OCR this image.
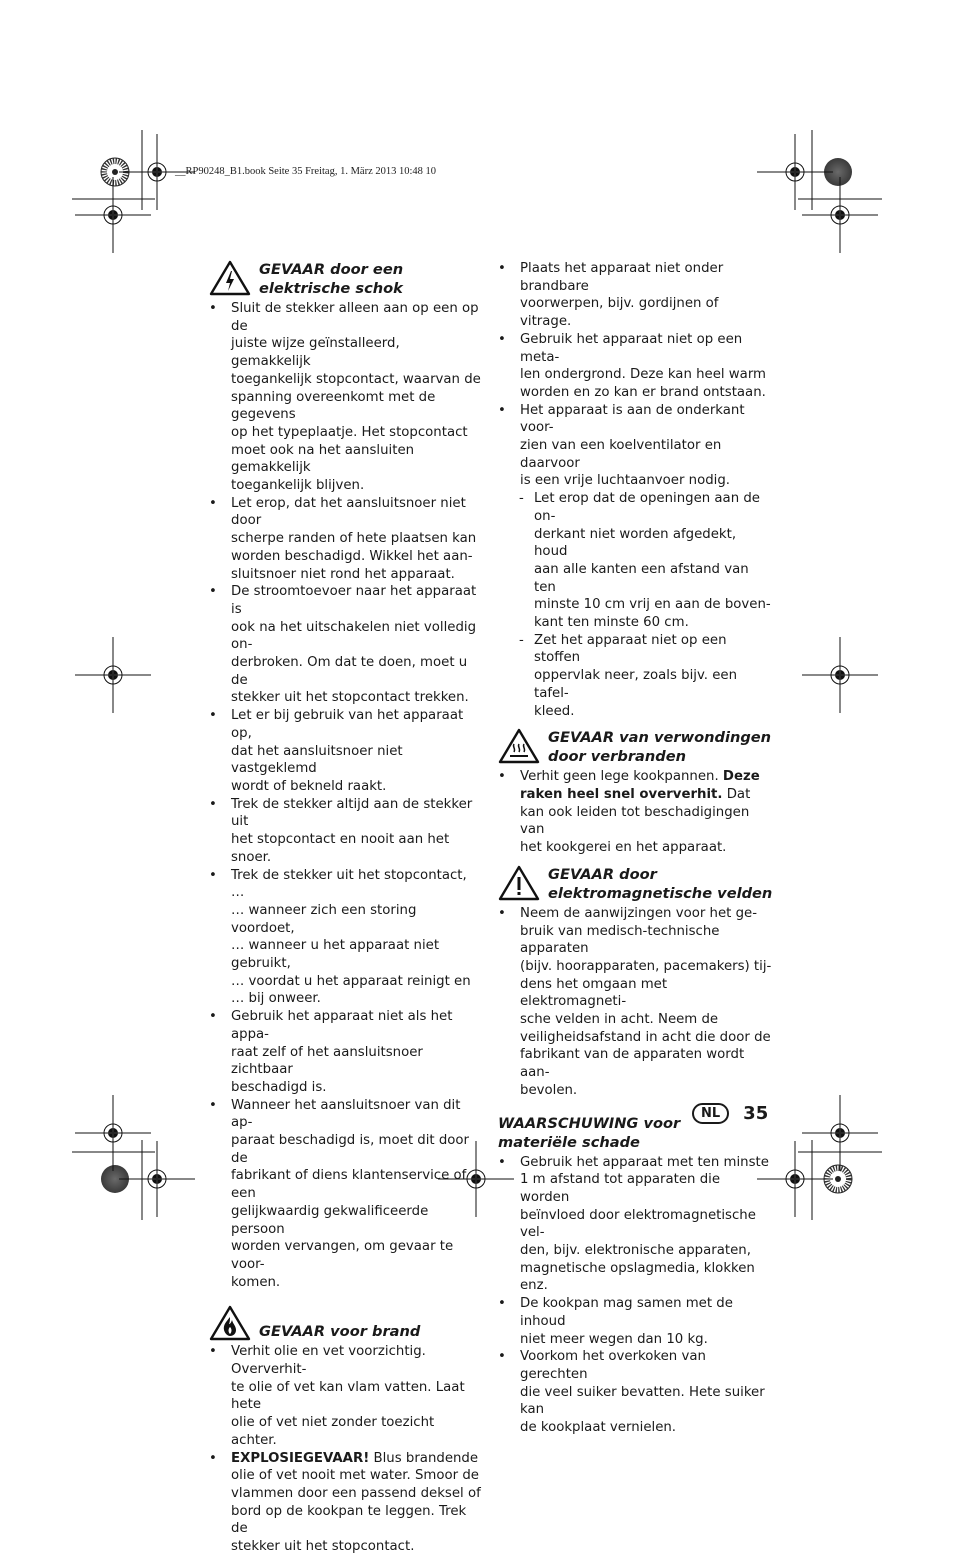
__RP90248_B1.book Seite 35 Freitag, 1. März 2013 10:48 10
GEVAAR door een
elektrische schok
•	Sluit de stekker alleen aan op een op de
juiste wijze geïnstalleerd, gemakkelijk
toegankelijk stopcontact, waarvan de
spanning overeenkomt met de gegevens
op het typeplaatje. Het stopcontact
moet ook na het aansluiten gemakkelijk
toegankelijk blijven.
•	Let erop, dat het aansluitsnoer niet door
scherpe randen of hete plaatsen kan
worden beschadigd. Wikkel het aan-
sluitsnoer niet rond het apparaat.
•	De stroomtoevoer naar het apparaat is
ook na het uitschakelen niet volledig on-
derbroken. Om dat te doen, moet u de
stekker uit het stopcontact trekken.
•	Let er bij gebruik van het apparaat op,
dat het aansluitsnoer niet vastgeklemd
wordt of bekneld raakt.
•	Trek de stekker altijd aan de stekker uit
het stopcontact en nooit aan het snoer.
•	Trek de stekker uit het stopcontact, …
… wanneer zich een storing voordoet,
… wanneer u het apparaat niet gebruikt,
… voordat u het apparaat reinigt en
… bij onweer.
•	Gebruik het apparaat niet als het appa-
raat zelf of het aansluitsnoer zichtbaar
beschadigd is.
•	Wanneer het aansluitsnoer van dit ap-
paraat beschadigd is, moet dit door de
fabrikant of diens klantenservice of een
gelijkwaardig gekwalificeerde persoon
worden vervangen, om gevaar te voor-
komen.
GEVAAR voor brand
•	Verhit olie en vet voorzichtig. Oververhit-
te olie of vet kan vlam vatten. Laat hete
olie of vet niet zonder toezicht achter.
•	EXPLOSIEGEVAAR! Blus brandende
olie of vet nooit met water. Smoor de
vlammen door een passend deksel of
bord op de kookpan te leggen. Trek de
stekker uit het stopcontact.
•	Plaats het apparaat niet onder brandbare
voorwerpen, bijv. gordijnen of vitrage.
•	Gebruik het apparaat niet op een meta-
len ondergrond. Deze kan heel warm
worden en zo kan er brand ontstaan.
•	Het apparaat is aan de onderkant voor-
zien van een koelventilator en daarvoor
is een vrije luchtaanvoer nodig.
- Let erop dat de openingen aan de on-
derkant niet worden afgedekt, houd
aan alle kanten een afstand van ten
minste 10 cm vrij en aan de boven-
kant ten minste 60 cm.
- Zet het apparaat niet op een stoffen
oppervlak neer, zoals bijv. een tafel-
kleed.
GEVAAR van verwondingen
door verbranden
•	Verhit geen lege kookpannen. Deze
raken heel snel oververhit. Dat
kan ook leiden tot beschadigingen van
het kookgerei en het apparaat.
GEVAAR door
elektromagnetische velden
•	Neem de aanwijzingen voor het ge-
bruik van medisch-technische apparaten
(bijv. hoorapparaten, pacemakers) tij-
dens het omgaan met elektromagneti-
sche velden in acht. Neem de
veiligheidsafstand in acht die door de
fabrikant van de apparaten wordt aan-
bevolen.
WAARSCHUWING voor
materiële schade
•	Gebruik het apparaat met ten minste
1 m afstand tot apparaten die worden
beïnvloed door elektromagnetische vel-
den, bijv. elektronische apparaten,
magnetische opslagmedia, klokken enz.
•	De kookpan mag samen met de inhoud
niet meer wegen dan 10 kg.
•	Voorkom het overkoken van gerechten
die veel suiker bevatten. Hete suiker kan
de kookplaat vernielen.
NL	35
